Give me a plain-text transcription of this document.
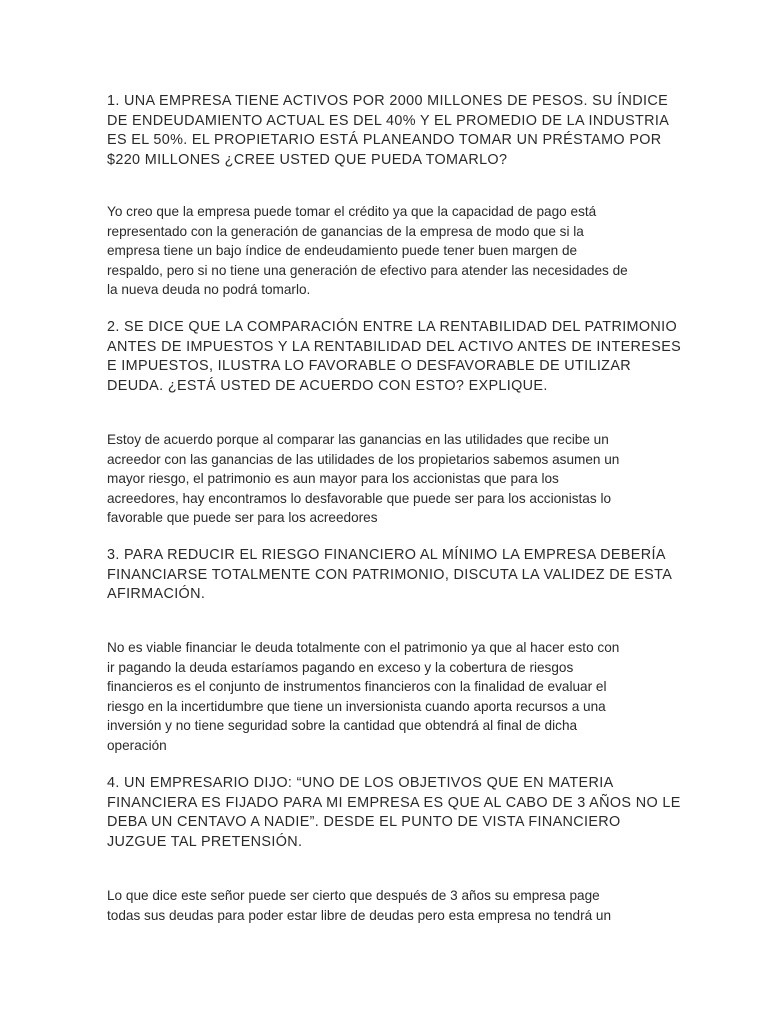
1. UNA EMPRESA TIENE ACTIVOS POR 2000 MILLONES DE PESOS. SU ÍNDICE
DE ENDEUDAMIENTO ACTUAL ES DEL 40% Y EL PROMEDIO DE LA INDUSTRIA
ES EL 50%. EL PROPIETARIO ESTÁ PLANEANDO TOMAR UN PRÉSTAMO POR
$220 MILLONES ¿CREE USTED QUE PUEDA TOMARLO?
Yo creo que la empresa puede tomar el crédito ya que la capacidad de pago está
representado con la generación de ganancias de la empresa de modo que si la
empresa tiene un bajo índice de endeudamiento puede tener buen margen de
respaldo, pero si no tiene una generación de efectivo para atender las necesidades de
la nueva deuda no podrá tomarlo.
2. SE DICE QUE LA COMPARACIÓN ENTRE LA RENTABILIDAD DEL PATRIMONIO
ANTES DE IMPUESTOS Y LA RENTABILIDAD DEL ACTIVO ANTES DE INTERESES
E IMPUESTOS, ILUSTRA LO FAVORABLE O DESFAVORABLE DE UTILIZAR
DEUDA. ¿ESTÁ USTED DE ACUERDO CON ESTO? EXPLIQUE.
Estoy de acuerdo porque al comparar las ganancias en las utilidades que recibe un
acreedor con las ganancias de las utilidades de los propietarios sabemos asumen un
mayor riesgo, el patrimonio es aun mayor para los accionistas que para los
acreedores, hay encontramos lo desfavorable que puede ser para los accionistas lo
favorable que puede ser para los acreedores
3. PARA REDUCIR EL RIESGO FINANCIERO AL MÍNIMO LA EMPRESA DEBERÍA
FINANCIARSE TOTALMENTE CON PATRIMONIO, DISCUTA LA VALIDEZ DE ESTA
AFIRMACIÓN.
No es viable financiar le deuda totalmente con el patrimonio ya que al hacer esto con
ir pagando la deuda estaríamos pagando en exceso y la cobertura de riesgos
financieros es el conjunto de instrumentos financieros con la finalidad de evaluar el
riesgo en la incertidumbre que tiene un inversionista cuando aporta recursos a una
inversión y no tiene seguridad sobre la cantidad que obtendrá al final de dicha
operación
4. UN EMPRESARIO DIJO: “UNO DE LOS OBJETIVOS QUE EN MATERIA
FINANCIERA ES FIJADO PARA MI EMPRESA ES QUE AL CABO DE 3 AÑOS NO LE
DEBA UN CENTAVO A NADIE”. DESDE EL PUNTO DE VISTA FINANCIERO
JUZGUE TAL PRETENSIÓN.
Lo que dice este señor puede ser cierto que después de 3 años su empresa page
todas sus deudas para poder estar libre de deudas pero esta empresa no tendrá un
